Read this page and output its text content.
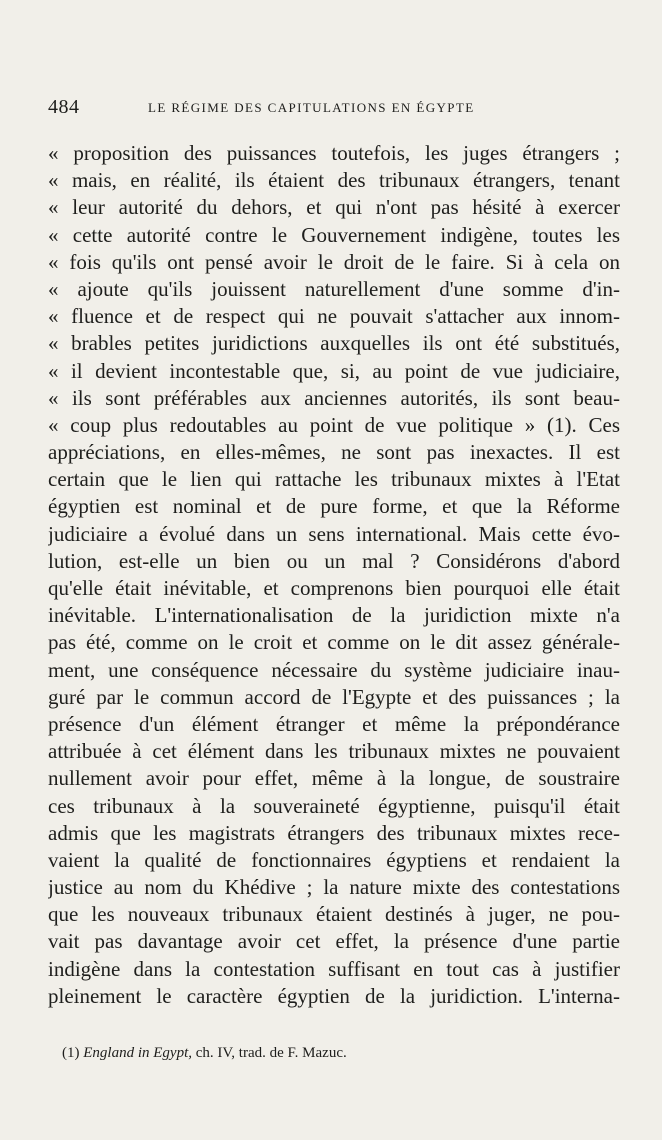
484	LE RÉGIME DES CAPITULATIONS EN ÉGYPTE
« proposition des puissances toutefois, les juges étrangers ;
« mais, en réalité, ils étaient des tribunaux étrangers, tenant
« leur autorité du dehors, et qui n'ont pas hésité à exercer
« cette autorité contre le Gouvernement indigène, toutes les
« fois qu'ils ont pensé avoir le droit de le faire. Si à cela on
« ajoute qu'ils jouissent naturellement d'une somme d'in-
« fluence et de respect qui ne pouvait s'attacher aux innom-
« brables petites juridictions auxquelles ils ont été substitués,
« il devient incontestable que, si, au point de vue judiciaire,
« ils sont préférables aux anciennes autorités, ils sont beau-
« coup plus redoutables au point de vue politique » (1). Ces
appréciations, en elles-mêmes, ne sont pas inexactes. Il est
certain que le lien qui rattache les tribunaux mixtes à l'Etat
égyptien est nominal et de pure forme, et que la Réforme
judiciaire a évolué dans un sens international. Mais cette évo-
lution, est-elle un bien ou un mal ? Considérons d'abord
qu'elle était inévitable, et comprenons bien pourquoi elle était
inévitable. L'internationalisation de la juridiction mixte n'a
pas été, comme on le croit et comme on le dit assez générale-
ment, une conséquence nécessaire du système judiciaire inau-
guré par le commun accord de l'Egypte et des puissances ; la
présence d'un élément étranger et même la prépondérance
attribuée à cet élément dans les tribunaux mixtes ne pouvaient
nullement avoir pour effet, même à la longue, de soustraire
ces tribunaux à la souveraineté égyptienne, puisqu'il était
admis que les magistrats étrangers des tribunaux mixtes rece-
vaient la qualité de fonctionnaires égyptiens et rendaient la
justice au nom du Khédive ; la nature mixte des contestations
que les nouveaux tribunaux étaient destinés à juger, ne pou-
vait pas davantage avoir cet effet, la présence d'une partie
indigène dans la contestation suffisant en tout cas à justifier
pleinement le caractère égyptien de la juridiction. L'interna-
(1) England in Egypt, ch. IV, trad. de F. Mazuc.
